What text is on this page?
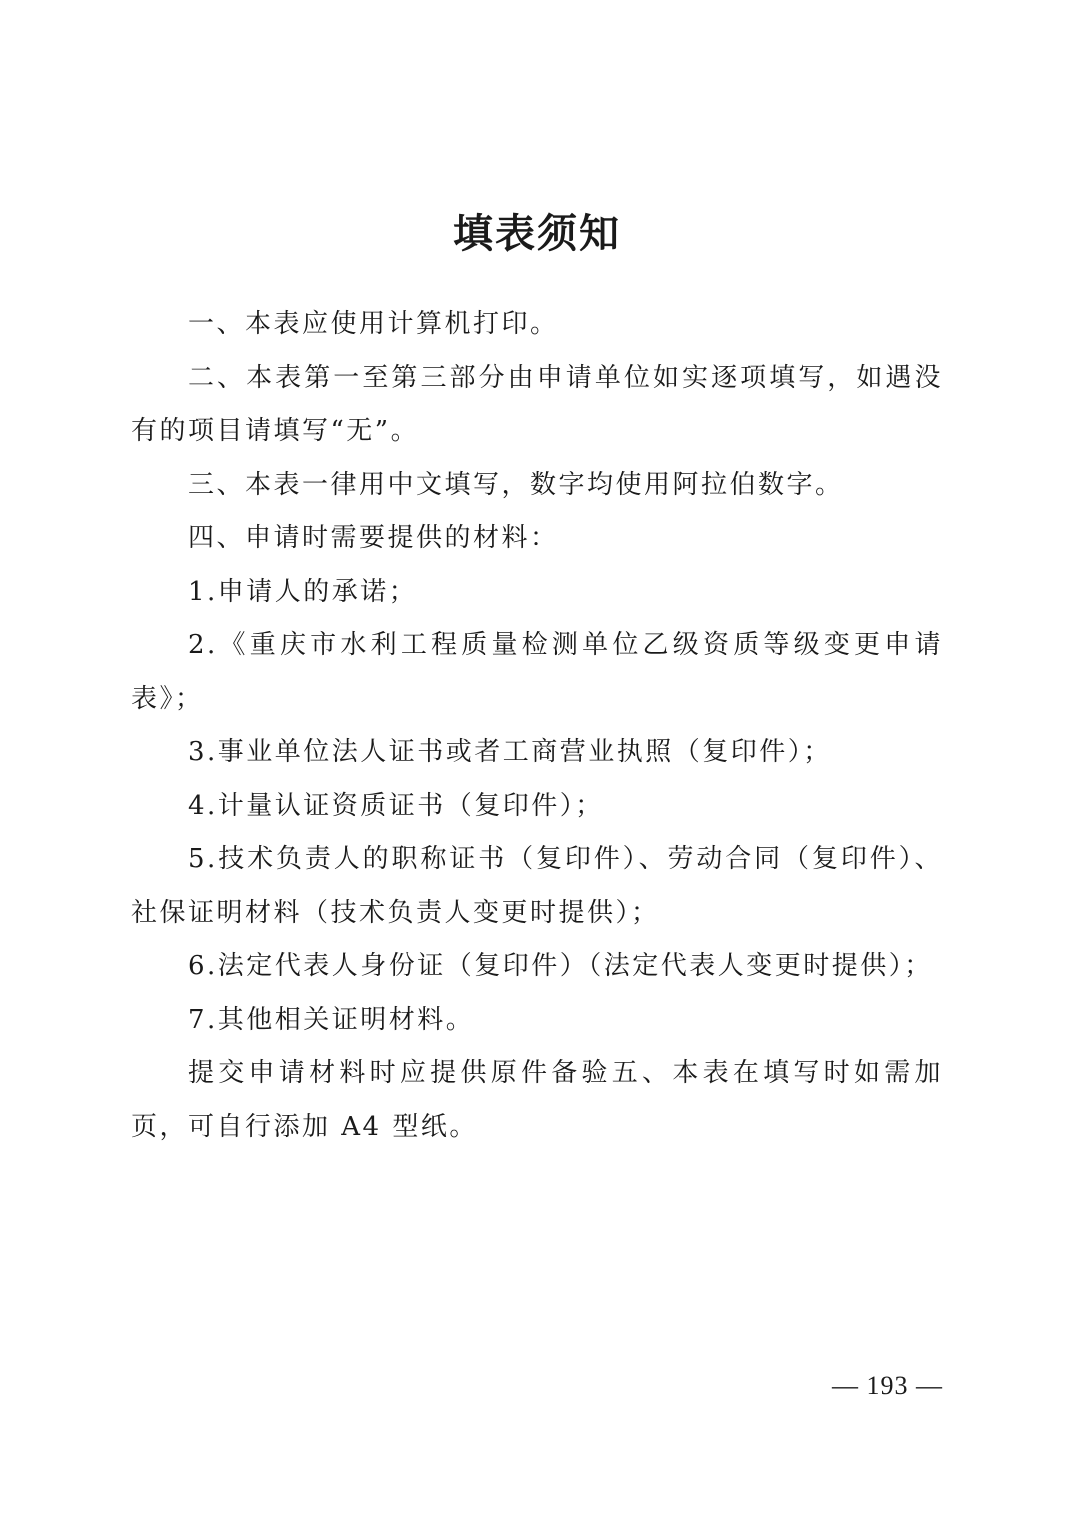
填表须知

一、本表应使用计算机打印。

二、本表第一至第三部分由申请单位如实逐项填写，如遇没有的项目请填写“无”。

三、本表一律用中文填写，数字均使用阿拉伯数字。

四、申请时需要提供的材料：

1.申请人的承诺；

2.《重庆市水利工程质量检测单位乙级资质等级变更申请表》；

3.事业单位法人证书或者工商营业执照（复印件）；

4.计量认证资质证书（复印件）；

5.技术负责人的职称证书（复印件）、劳动合同（复印件）、社保证明材料（技术负责人变更时提供）；

6.法定代表人身份证（复印件）（法定代表人变更时提供）；

7.其他相关证明材料。

提交申请材料时应提供原件备验五、本表在填写时如需加页，可自行添加 A4 型纸。

— 193 —
